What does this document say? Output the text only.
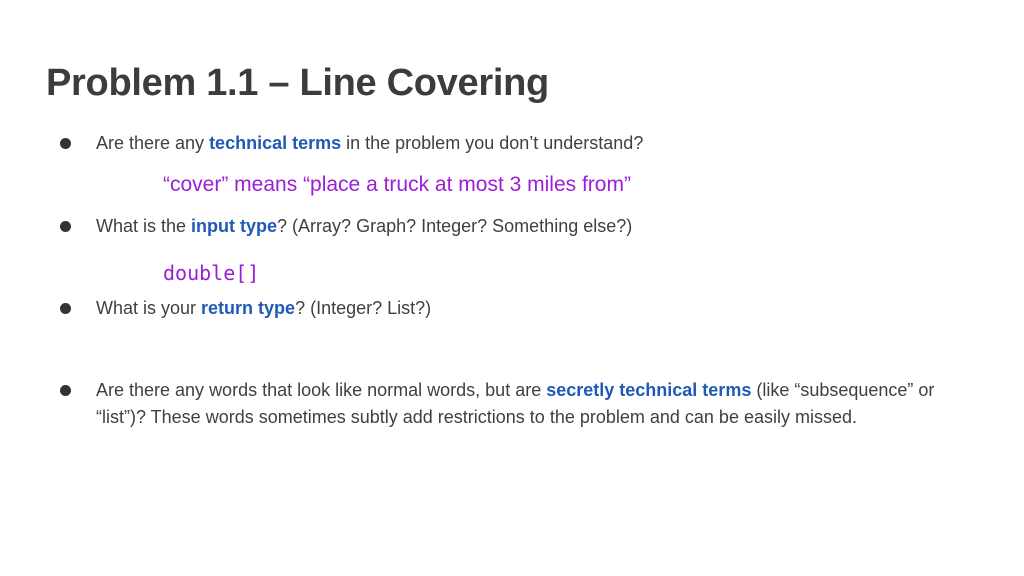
Problem 1.1 – Line Covering
Are there any technical terms in the problem you don’t understand?
“cover” means “place a truck at most 3 miles from”
What is the input type? (Array? Graph? Integer? Something else?)
double[]
What is your return type? (Integer? List?)
Are there any words that look like normal words, but are secretly technical terms (like “subsequence” or “list”)? These words sometimes subtly add restrictions to the problem and can be easily missed.
